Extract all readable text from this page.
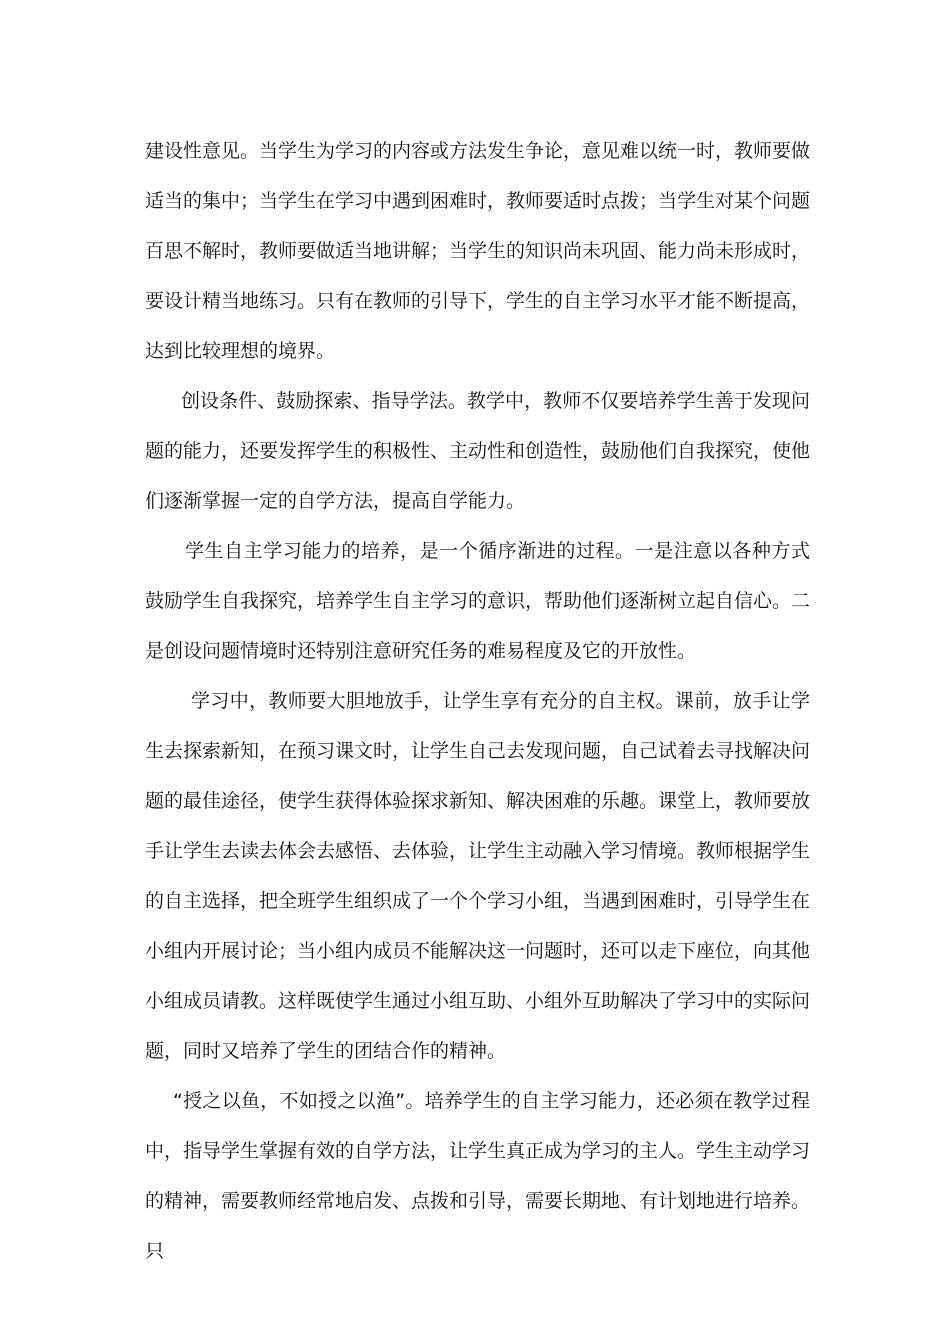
建设性意见。当学生为学习的内容或方法发生争论，意见难以统一时，教师要做适当的集中；当学生在学习中遇到困难时，教师要适时点拨；当学生对某个问题百思不解时，教师要做适当地讲解；当学生的知识尚未巩固、能力尚未形成时，要设计精当地练习。只有在教师的引导下，学生的自主学习水平才能不断提高，达到比较理想的境界。

创设条件、鼓励探索、指导学法。教学中，教师不仅要培养学生善于发现问题的能力，还要发挥学生的积极性、主动性和创造性，鼓励他们自我探究，使他们逐渐掌握一定的自学方法，提高自学能力。

学生自主学习能力的培养，是一个循序渐进的过程。一是注意以各种方式鼓励学生自我探究，培养学生自主学习的意识，帮助他们逐渐树立起自信心。二是创设问题情境时还特别注意研究任务的难易程度及它的开放性。

学习中，教师要大胆地放手，让学生享有充分的自主权。课前，放手让学生去探索新知，在预习课文时，让学生自己去发现问题，自己试着去寻找解决问题的最佳途径，使学生获得体验探求新知、解决困难的乐趣。课堂上，教师要放手让学生去读去体会去感悟、去体验，让学生主动融入学习情境。教师根据学生的自主选择，把全班学生组织成了一个个学习小组，当遇到困难时，引导学生在小组内开展讨论；当小组内成员不能解决这一问题时，还可以走下座位，向其他小组成员请教。这样既使学生通过小组互助、小组外互助解决了学习中的实际问题，同时又培养了学生的团结合作的精神。

“授之以鱼，不如授之以渔”。培养学生的自主学习能力，还必须在教学过程中，指导学生掌握有效的自学方法，让学生真正成为学习的主人。学生主动学习的精神，需要教师经常地启发、点拨和引导，需要长期地、有计划地进行培养。只
